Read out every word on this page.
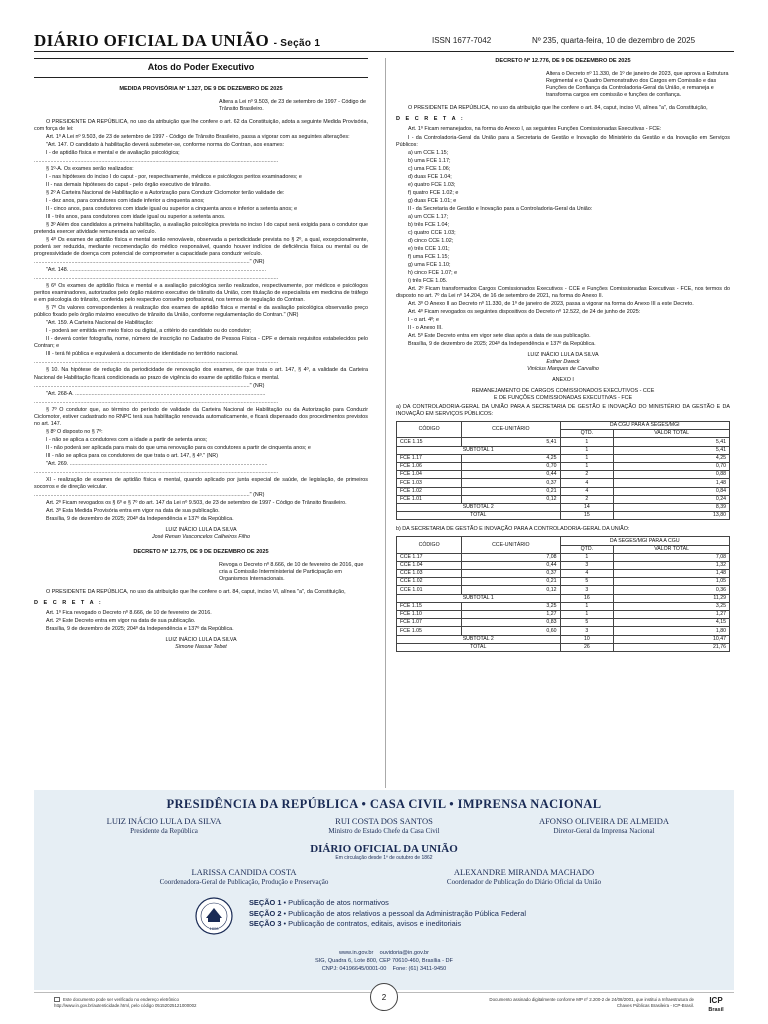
DIÁRIO OFICIAL DA UNIÃO - Seção 1	ISSN 1677-7042	Nº 235, quarta-feira, 10 de dezembro de 2025
Atos do Poder Executivo
MEDIDA PROVISÓRIA Nº 1.327, DE 9 DE DEZEMBRO DE 2025
Altera a Lei nº 9.503, de 23 de setembro de 1997 - Código de Trânsito Brasileiro.

O PRESIDENTE DA REPÚBLICA, no uso da atribuição que lhe confere o art. 62 da Constituição, adota a seguinte Medida Provisória, com força de lei:

Art. 1º A Lei nº 9.503, de 23 de setembro de 1997 - Código de Trânsito Brasileiro, passa a vigorar com as seguintes alterações:

"Art. 147. O candidato à habilitação deverá submeter-se, conforme norma do Contran, aos exames:

I - de aptidão física e mental e de avaliação psicológica;

...................................................................................................................................................................

§ 1º-A. Os exames serão realizados:

I - nas hipóteses do inciso I do caput - por, respectivamente, médicos e psicólogos peritos examinadores; e

II - nas demais hipóteses do caput - pelo órgão executivo de trânsito.

§ 2º A Carteira Nacional de Habilitação e a Autorização para Conduzir Ciclomotor terão validade de:

I - dez anos, para condutores com idade inferior a cinquenta anos;

II - cinco anos, para condutores com idade igual ou superior a cinquenta anos e inferior a setenta anos; e

III - três anos, para condutores com idade igual ou superior a setenta anos.

§ 3º Além dos candidatos a primeira habilitação, a avaliação psicológica prevista no inciso I do caput será exigida para o condutor que pretenda exercer atividade remunerada ao veículo.

§ 4º Os exames de aptidão física e mental serão renováveis, observada a periodicidade prevista no § 2º, a qual, excepcionalmente, poderá ser reduzida, mediante recomendação do médico responsável, quando houver indícios de deficiência física ou mental ou de progressividade de doença com potencial de comprometer a capacidade para conduzir veículo.

................................................................................................................................................" (NR)

"Art. 148. ...................................................................................................................................

...................................................................................................................................................................

§ 6º Os exames de aptidão física e mental e a avaliação psicológica serão realizados, respectivamente, por médicos e psicólogos peritos examinadores, autorizados pelo órgão máximo executivo de trânsito da União, com titulação de especialista em medicina de tráfego e em psicologia do trânsito, conferida pelo respectivo conselho profissional, nos termos de regulação do Contran.

§ 7º Os valores correspondentes à realização dos exames de aptidão física e mental e da avaliação psicológica observarão preço público fixado pelo órgão máximo executivo de trânsito da União, conforme regulamentação do Contran." (NR)

"Art. 159. A Carteira Nacional de Habilitação:

I - poderá ser emitida em meio físico ou digital, a critério do candidato ou do condutor;

II - deverá conter fotografia, nome, número de inscrição no Cadastro de Pessoa Física - CPF e demais requisitos estabelecidos pelo Contran; e

III - terá fé pública e equivalerá a documento de identidade no território nacional.

...................................................................................................................................................................

§ 10. Na hipótese de redução da periodicidade de renovação dos exames, de que trata o art. 147, § 4º, a validade da Carteira Nacional de Habilitação ficará condicionada ao prazo de vigência do exame de aptidão física e mental.

................................................................................................................................................" (NR)

"Art. 268-A. ...............................................................................................................................

...................................................................................................................................................................

§ 7º O condutor que, ao término do período de validade da Carteira Nacional de Habilitação ou da Autorização para Conduzir Ciclomotor, estiver cadastrado no RNPC terá sua habilitação renovada automaticamente, e ficará dispensado dos procedimentos previstos no art. 147.

§ 8º O disposto no § 7º:

I - não se aplica a condutores com a idade a partir de setenta anos;

II - não poderá ser aplicada para mais do que uma renovação para os condutores a partir de cinquenta anos; e

III - não se aplica para os condutores de que trata o art. 147, § 4º." (NR)

"Art. 269. ....................................................................................................................................

...................................................................................................................................................................

XI - realização de exames de aptidão física e mental, quando aplicado por junta especial de saúde, de legislação, de primeiros socorros e de direção veicular.

................................................................................................................................................" (NR)

Art. 2º Ficam revogados os § 6º e § 7º do art. 147 da Lei nº 9.503, de 23 de setembro de 1997 - Código de Trânsito Brasileiro.

Art. 3º Esta Medida Provisória entra em vigor na data de sua publicação.

Brasília, 9 de dezembro de 2025; 204º da Independência e 137º da República.

LUIZ INÁCIO LULA DA SILVA
José Renan Vasconcelos Calheiros Filho
DECRETO Nº 12.775, DE 9 DE DEZEMBRO DE 2025
Revoga o Decreto nº 8.666, de 10 de fevereiro de 2016, que cria a Comissão Interministerial de Participação em Organismos Internacionais.

O PRESIDENTE DA REPÚBLICA, no uso da atribuição que lhe confere o art. 84, caput, inciso VI, alínea "a", da Constituição,

D E C R E T A :

Art. 1º Fica revogado o Decreto nº 8.666, de 10 de fevereiro de 2016.

Art. 2º Este Decreto entra em vigor na data de sua publicação.

Brasília, 9 de dezembro de 2025; 204º da Independência e 137º da República.

LUIZ INÁCIO LULA DA SILVA
Simone Nassar Tebet
DECRETO Nº 12.776, DE 9 DE DEZEMBRO DE 2025
Altera o Decreto nº 11.330, de 1º de janeiro de 2023, que aprova a Estrutura Regimental e o Quadro Demonstrativo dos Cargos em Comissão e das Funções de Confiança da Controladoria-Geral da União, e remaneja e transforma cargos em comissão e funções de confiança.

O PRESIDENTE DA REPÚBLICA, no uso da atribuição que lhe confere o art. 84, caput, inciso VI, alínea "a", da Constituição,

D E C R E T A :

Art. 1º Ficam remanejados, na forma do Anexo I, as seguintes Funções Comissionadas Executivas - FCE:

I - da Controladoria-Geral da União para a Secretaria de Gestão e Inovação do Ministério da Gestão e da Inovação em Serviços Públicos:

a) um CCE 1.15;

b) uma FCE 1.17;

c) uma FCE 1.06;

d) duas FCE 1.04;

e) quatro FCE 1.03;

f) quatro FCE 1.02; e

g) duas FCE 1.01; e

II - da Secretaria de Gestão e Inovação para a Controladoria-Geral da União:

a) um CCE 1.17;

b) três FCE 1.04;

c) quatro CCE 1.03;

d) cinco CCE 1.02;

e) três CCE 1.01;

f) uma FCE 1.15;

g) uma FCE 1.10;

h) cinco FCE 1.07; e

i) três FCE 1.05.

Art. 2º Ficam transformados Cargos Comissionados Executivos - CCE e Funções Comissionadas Executivas - FCE, nos termos do disposto no art. 7º da Lei nº 14.204, de 16 de setembro de 2021, na forma do Anexo II.

Art. 3º O Anexo II ao Decreto nº 11.330, de 1º de janeiro de 2023, passa a vigorar na forma do Anexo III a este Decreto.

Art. 4º Ficam revogados os seguintes dispositivos do Decreto nº 12.522, de 24 de junho de 2025:

I - o art. 4º; e

II - o Anexo III.

Art. 5º Este Decreto entra em vigor sete dias após a data de sua publicação.

Brasília, 9 de dezembro de 2025; 204º da Independência e 137º da República.

LUIZ INÁCIO LULA DA SILVA
Esther Dweck
Vinícius Marques de Carvalho
ANEXO I
REMANEJAMENTO DE CARGOS COMISSIONADOS EXECUTIVOS - CCE
E DE FUNÇÕES COMISSIONADAS EXECUTIVAS - FCE

a) DA CONTROLADORIA-GERAL DA UNIÃO PARA A SECRETARIA DE GESTÃO E INOVAÇÃO DO MINISTÉRIO DA GESTÃO E DA INOVAÇÃO EM SERVIÇOS PÚBLICOS:

CÓDIGO	CCE-UNITÁRIO	DA CGU PARA A SEGES/MGI	
		QTD.	VALOR TOTAL
CCE 1.15	5,41	1	5,41
SUBTOTAL 1		1	5,41
FCE 1.17	4,25	1	4,25
FCE 1.06	0,70	1	0,70
FCE 1.04	0,44	2	0,88
FCE 1.03	0,37	4	1,48
FCE 1.02	0,21	4	0,84
FCE 1.01	0,12	2	0,24
SUBTOTAL 2		14	8,39
TOTAL		15	13,80

b) DA SECRETARIA DE GESTÃO E INOVAÇÃO PARA A CONTROLADORIA-GERAL DA UNIÃO:

CÓDIGO	CCE-UNITÁRIO	DA SEGES/MGI PARA A CGU	
		QTD.	VALOR TOTAL
CCE 1.17	7,08	1	7,08
CCE 1.04	0,44	3	1,32
CCE 1.03	0,37	4	1,48
CCE 1.02	0,21	5	1,05
CCE 1.01	0,12	3	0,36
SUBTOTAL 1		16	11,29
FCE 1.15	3,25	1	3,25
FCE 1.10	1,27	1	1,27
FCE 1.07	0,83	5	4,15
FCE 1.05	0,60	3	1,80
SUBTOTAL 2		10	10,47
TOTAL		26	21,76
PRESIDÊNCIA DA REPÚBLICA • CASA CIVIL • IMPRENSA NACIONAL
LUIZ INÁCIO LULA DA SILVA
Presidente da República
RUI COSTA DOS SANTOS
Ministro de Estado Chefe da Casa Civil
AFONSO OLIVEIRA DE ALMEIDA
Diretor-Geral da Imprensa Nacional
DIÁRIO OFICIAL DA UNIÃO
Em circulação desde 1º de outubro de 1862
LARISSA CANDIDA COSTA
Coordenadora-Geral de Publicação, Produção e Preservação
ALEXANDRE MIRANDA MACHADO
Coordenador de Publicação do Diário Oficial da União
1808
SEÇÃO 1 • Publicação de atos normativos
SEÇÃO 2 • Publicação de atos relativos a pessoal da Administração Pública Federal
SEÇÃO 3 • Publicação de contratos, editais, avisos e ineditoriais
www.in.gov.br ouvidoria@in.gov.br
SIG, Quadra 6, Lote 800, CEP 70610-460, Brasília - DF
CNPJ: 04196645/0001-00 Fone: (61) 3411-9450
Este documento pode ser verificado no endereço eletrônico http://www.in.gov.br/autenticidade.html, pelo código 05152025121000002
2	Documento assinado digitalmente conforme MP nº 2.200-2 de 24/08/2001, que institui a Infraestrutura de Chaves Públicas Brasileira - ICP-Brasil.
ICP
Brasil
